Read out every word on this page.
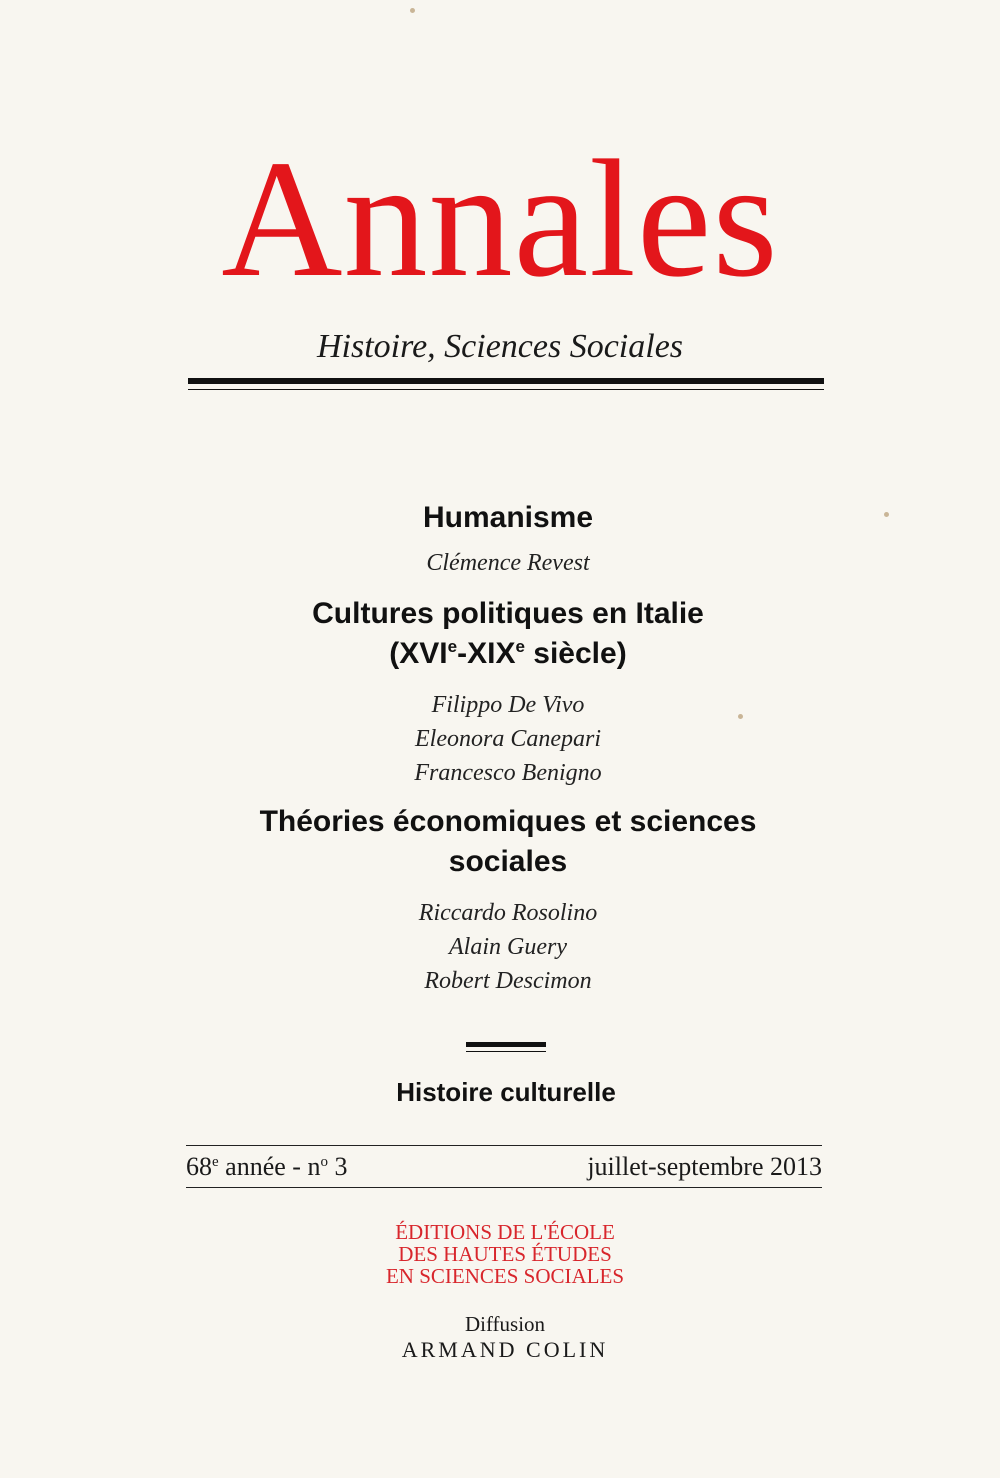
Annales
Histoire, Sciences Sociales

Humanisme

Clémence Revest

Cultures politiques en Italie
(XVIe-XIXe siècle)

Filippo De Vivo
Eleonora Canepari
Francesco Benigno

Théories économiques et sciences
sociales

Riccardo Rosolino
Alain Guery
Robert Descimon
Histoire culturelle
68e année - $n^o$ 3	juillet-septembre 2013
ÉDITIONS DE L'ÉCOLE
DES HAUTES ÉTUDES
EN SCIENCES SOCIALES
Diffusion
ARMAND COLIN
